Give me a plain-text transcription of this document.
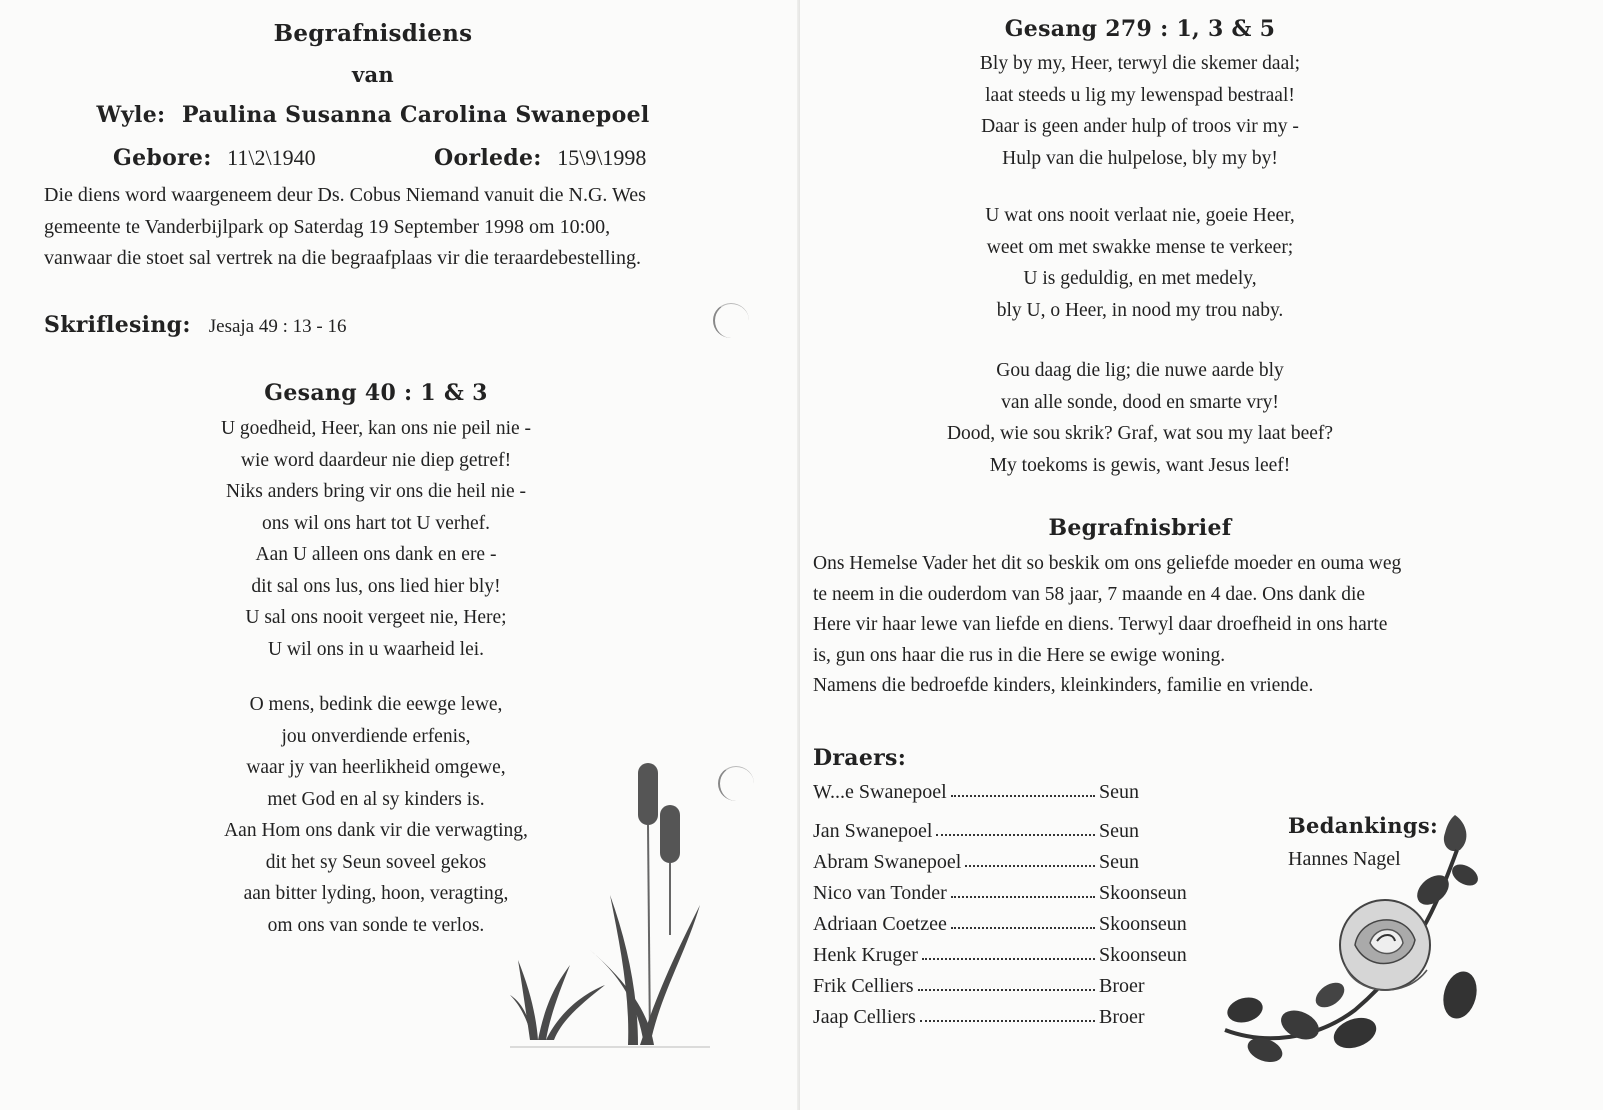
Begrafnisdiens
van
Wyle: Paulina Susanna Carolina Swanepoel
Gebore: 11\2\1940	Oorlede: 15\9\1998
Die diens word waargeneem deur Ds. Cobus Niemand vanuit die N.G. Wes
gemeente te Vanderbijlpark op Saterdag 19 September 1998 om 10:00,
vanwaar die stoet sal vertrek na die begraafplaas vir die teraardebestelling.
Skriflesing: Jesaja 49 : 13 - 16
Gesang 40 : 1 & 3
U goedheid, Heer, kan ons nie peil nie -
wie word daardeur nie diep getref!
Niks anders bring vir ons die heil nie -
ons wil ons hart tot U verhef.
Aan U alleen ons dank en ere -
dit sal ons lus, ons lied hier bly!
U sal ons nooit vergeet nie, Here;
U wil ons in u waarheid lei.
O mens, bedink die eewge lewe,
jou onverdiende erfenis,
waar jy van heerlikheid omgewe,
met God en al sy kinders is.
Aan Hom ons dank vir die verwagting,
dit het sy Seun soveel gekos
aan bitter lyding, hoon, veragting,
om ons van sonde te verlos.
Gesang 279 : 1, 3 & 5
Bly by my, Heer, terwyl die skemer daal;
laat steeds u lig my lewenspad bestraal!
Daar is geen ander hulp of troos vir my -
Hulp van die hulpelose, bly my by!
U wat ons nooit verlaat nie, goeie Heer,
weet om met swakke mense te verkeer;
U is geduldig, en met medely,
bly U, o Heer, in nood my trou naby.
Gou daag die lig; die nuwe aarde bly
van alle sonde, dood en smarte vry!
Dood, wie sou skrik? Graf, wat sou my laat beef?
My toekoms is gewis, want Jesus leef!
Begrafnisbrief
Ons Hemelse Vader het dit so beskik om ons geliefde moeder en ouma weg
te neem in die ouderdom van 58 jaar, 7 maande en 4 dae. Ons dank die
Here vir haar lewe van liefde en diens. Terwyl daar droefheid in ons harte
is, gun ons haar die rus in die Here se ewige woning.
Namens die bedroefde kinders, kleinkinders, familie en vriende.
Draers:
W...e Swanepoel	Seun
Jan Swanepoel	Seun
Abram Swanepoel	Seun
Nico van Tonder	Skoonseun
Adriaan Coetzee	Skoonseun
Henk Kruger	Skoonseun
Frik Celliers	Broer
Jaap Celliers	Broer
Bedankings:
Hannes Nagel
